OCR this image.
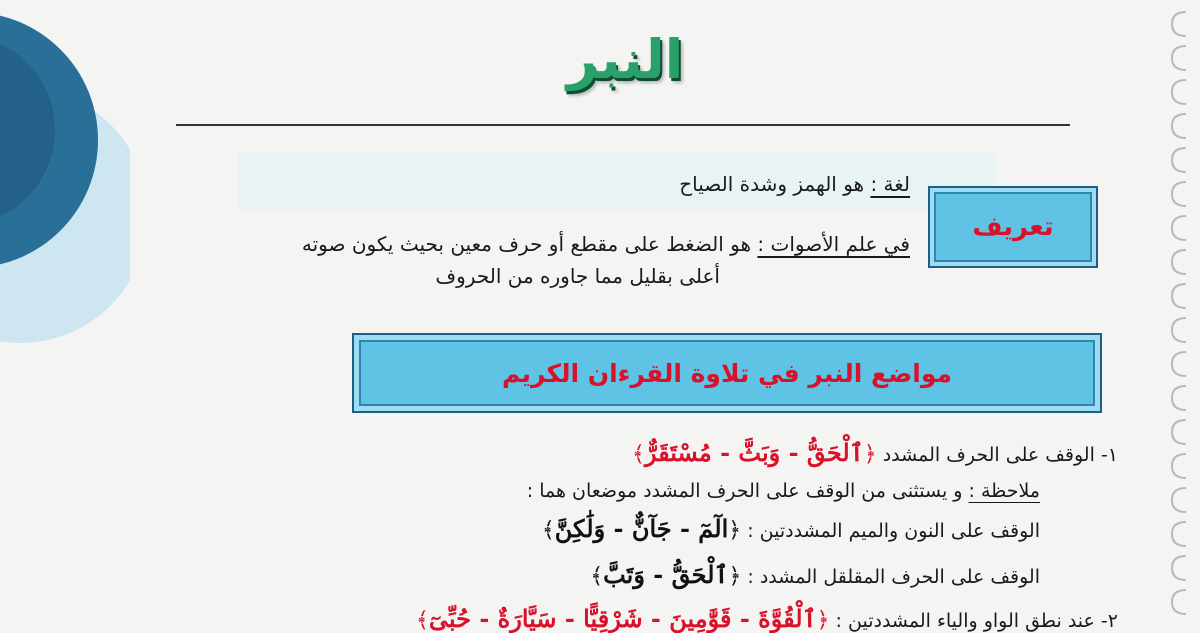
النبر
تعريف
لغة : هو الهمز وشدة الصياح
في علم الأصوات : هو الضغط على مقطع أو حرف معين بحيث يكون صوته
أعلى بقليل مما جاوره من الحروف
مواضع النبر في تلاوة القرءان الكريم
١- الوقف على الحرف المشدد ﴿ٱلْحَقُّ - وَبَثَّ - مُسْتَقَرٌّ﴾
ملاحظة : و يستثنى من الوقف على الحرف المشدد موضعان هما :
الوقف على النون والميم المشددتين : ﴿الٓمٓ - جَآنٌّ - وَلَٰكِنَّ﴾
الوقف على الحرف المقلقل المشدد : ﴿ٱلْحَقُّ - وَتَبَّ﴾
٢- عند نطق الواو والياء المشددتين : ﴿ٱلْقُوَّةَ - قَوَّٰمِينَ - شَرْقِيًّا - سَيَّارَةٌ - حُبِّىٓ﴾
